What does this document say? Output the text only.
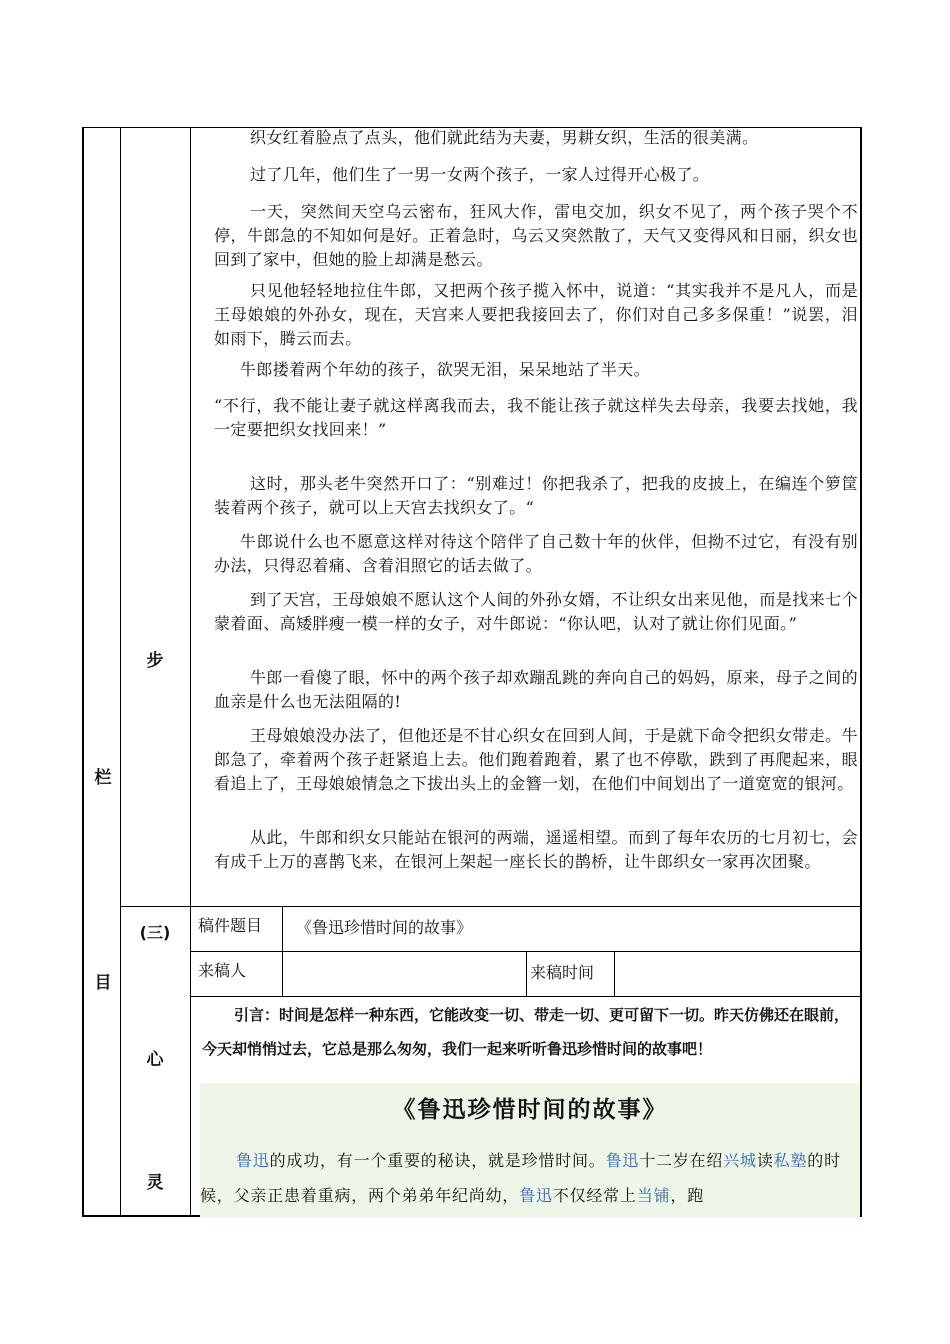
栏
目
步
(三)
心
灵

织女红着脸点了点头，他们就此结为夫妻，男耕女织，生活的很美满。

过了几年，他们生了一男一女两个孩子，一家人过得开心极了。

一天，突然间天空乌云密布，狂风大作，雷电交加，织女不见了，两个孩子哭个不停，牛郎急的不知如何是好。正着急时，乌云又突然散了，天气又变得风和日丽，织女也回到了家中，但她的脸上却满是愁云。

只见他轻轻地拉住牛郎，又把两个孩子揽入怀中，说道：“其实我并不是凡人，而是王母娘娘的外孙女，现在，天宫来人要把我接回去了，你们对自己多多保重！”说罢，泪如雨下，腾云而去。

牛郎搂着两个年幼的孩子，欲哭无泪，呆呆地站了半天。

“不行，我不能让妻子就这样离我而去，我不能让孩子就这样失去母亲，我要去找她，我一定要把织女找回来！”

这时，那头老牛突然开口了：“别难过！你把我杀了，把我的皮披上，在编连个箩筐装着两个孩子，就可以上天宫去找织女了。“

牛郎说什么也不愿意这样对待这个陪伴了自己数十年的伙伴，但拗不过它，有没有别办法，只得忍着痛、含着泪照它的话去做了。

到了天宫，王母娘娘不愿认这个人间的外孙女婿，不让织女出来见他，而是找来七个蒙着面、高矮胖瘦一模一样的女子，对牛郎说：“你认吧，认对了就让你们见面。”

牛郎一看傻了眼，怀中的两个孩子却欢蹦乱跳的奔向自己的妈妈，原来，母子之间的血亲是什么也无法阻隔的!

王母娘娘没办法了，但他还是不甘心织女在回到人间，于是就下命令把织女带走。牛郎急了，牵着两个孩子赶紧追上去。他们跑着跑着，累了也不停歇，跌到了再爬起来，眼看追上了，王母娘娘情急之下拔出头上的金簪一划，在他们中间划出了一道宽宽的银河。

从此，牛郎和织女只能站在银河的两端，遥遥相望。而到了每年农历的七月初七，会有成千上万的喜鹊飞来，在银河上架起一座长长的鹊桥，让牛郎织女一家再次团聚。

稿件题目 《鲁迅珍惜时间的故事》
来稿人	来稿时间
引言：时间是怎样一种东西，它能改变一切、带走一切、更可留下一切。昨天仿佛还在眼前，今天却悄悄过去，它总是那么匆匆，我们一起来听听鲁迅珍惜时间的故事吧！
《鲁迅珍惜时间的故事》
鲁迅的成功，有一个重要的秘诀，就是珍惜时间。鲁迅十二岁在绍兴城读私塾的时候，父亲正患着重病，两个弟弟年纪尚幼，鲁迅不仅经常上当铺，跑
